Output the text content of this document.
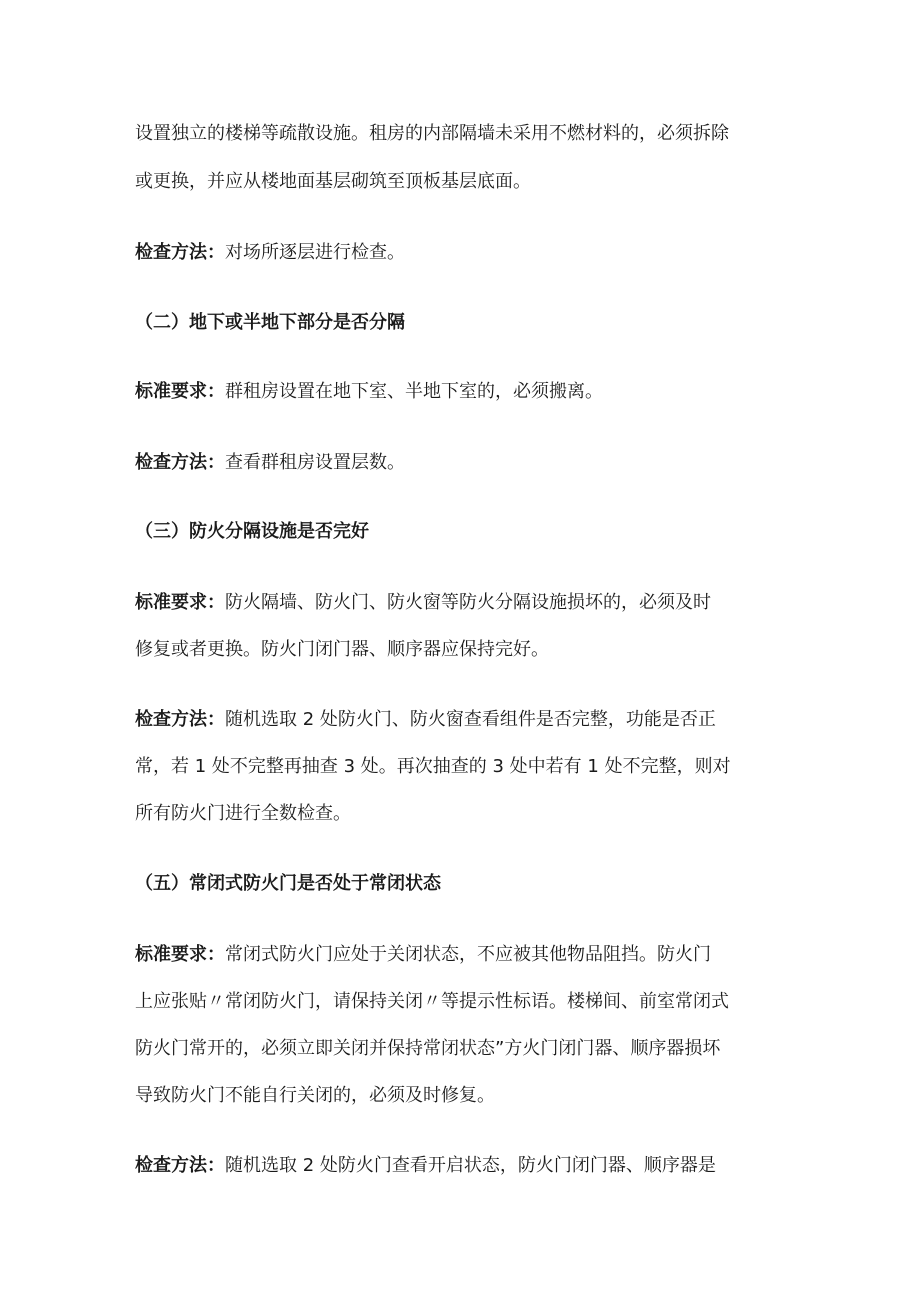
设置独立的楼梯等疏散设施。租房的内部隔墙未采用不燃材料的，必须拆除
或更换，并应从楼地面基层砌筑至顶板基层底面。
检查方法：对场所逐层进行检查。
（二）地下或半地下部分是否分隔
标准要求：群租房设置在地下室、半地下室的，必须搬离。
检查方法：查看群租房设置层数。
（三）防火分隔设施是否完好
标准要求：防火隔墙、防火门、防火窗等防火分隔设施损坏的，必须及时
修复或者更换。防火门闭门器、顺序器应保持完好。
检查方法：随机选取 2 处防火门、防火窗查看组件是否完整，功能是否正
常，若 1 处不完整再抽查 3 处。再次抽查的 3 处中若有 1 处不完整，则对
所有防火门进行全数检查。
（五）常闭式防火门是否处于常闭状态
标准要求：常闭式防火门应处于关闭状态，不应被其他物品阻挡。防火门
上应张贴〃常闭防火门，请保持关闭〃等提示性标语。楼梯间、前室常闭式
防火门常开的，必须立即关闭并保持常闭状态”方火门闭门器、顺序器损坏
导致防火门不能自行关闭的，必须及时修复。
检查方法：随机选取 2 处防火门查看开启状态，防火门闭门器、顺序器是
